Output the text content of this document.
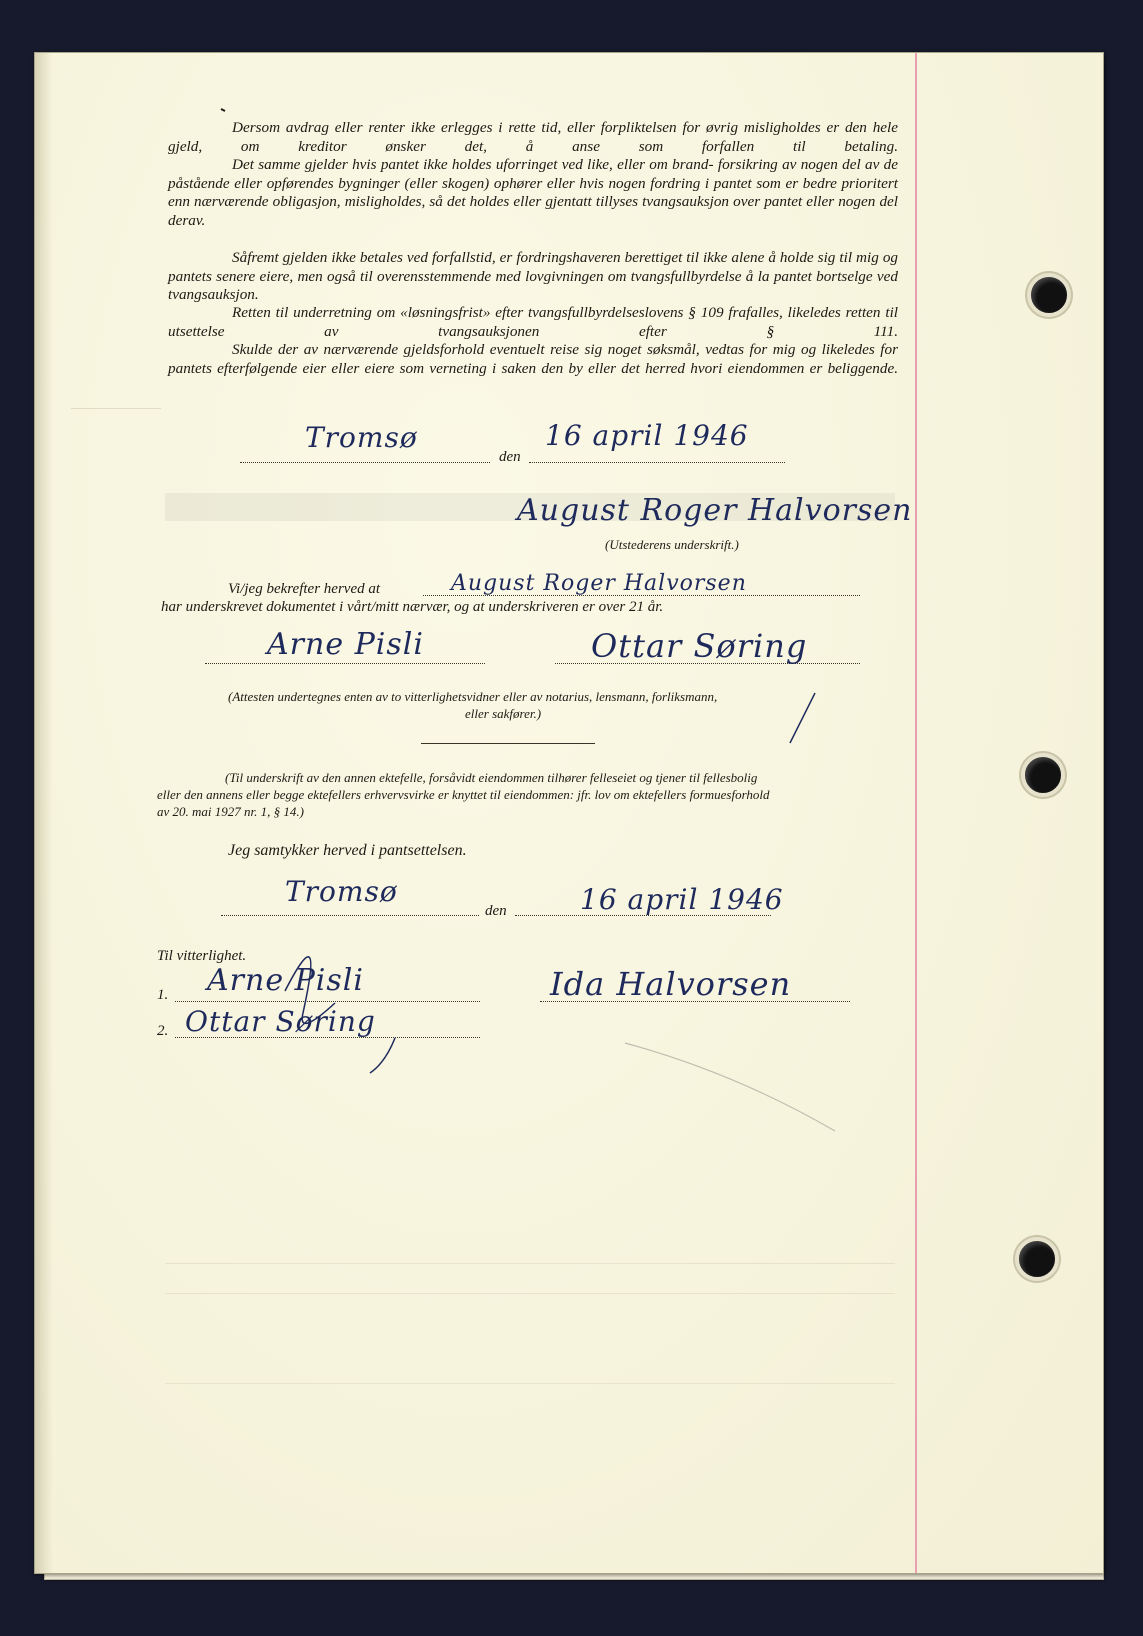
Dersom avdrag eller renter ikke erlegges i rette tid, eller forpliktelsen for øvrig misligholdes er den hele gjeld, om kreditor ønsker det, å anse som forfallen til betaling.

Det samme gjelder hvis pantet ikke holdes uforringet ved like, eller om brand- forsikring av nogen del av de påstående eller opførendes bygninger (eller skogen) ophører eller hvis nogen fordring i pantet som er bedre prioritert enn nærværende obligasjon, misligholdes, så det holdes eller gjentatt tillyses tvangsauksjon over pantet eller nogen del derav.

Såfremt gjelden ikke betales ved forfallstid, er fordringshaveren berettiget til ikke alene å holde sig til mig og pantets senere eiere, men også til overensstemmende med lovgivningen om tvangsfullbyrdelse å la pantet bortselge ved tvangsauksjon.

Retten til underretning om «løsningsfrist» efter tvangsfullbyrdelseslovens § 109 frafalles, likeledes retten til utsettelse av tvangsauksjonen efter § 111.

Skulde der av nærværende gjeldsforhold eventuelt reise sig noget søksmål, vedtas for mig og likeledes for pantets efterfølgende eier eller eiere som verneting i saken den by eller det herred hvori eiendommen er beliggende.

Tromsø
den
16 april 1946
August Roger Halvorsen
(Utstederens underskrift.)
Vi/jeg bekrefter herved at	August Roger Halvorsen
har underskrevet dokumentet i vårt/mitt nærvær, og at underskriveren er over 21 år.
Arne Pisli	Ottar Søring
(Attesten undertegnes enten av to vitterlighetsvidner eller av notarius, lensmann, forliksmann,
eller sakfører.)
(Til underskrift av den annen ektefelle, forsåvidt eiendommen tilhører felleseiet og tjener til fellesbolig
eller den annens eller begge ektefellers erhvervsvirke er knyttet til eiendommen: jfr. lov om ektefellers formuesforhold
av 20. mai 1927 nr. 1, § 14.)
Jeg samtykker herved i pantsettelsen.
Tromsø
den	16 april 1946
Til vitterlighet.
1. Arne Pisli
2. Ottar Søring
Ida Halvorsen
